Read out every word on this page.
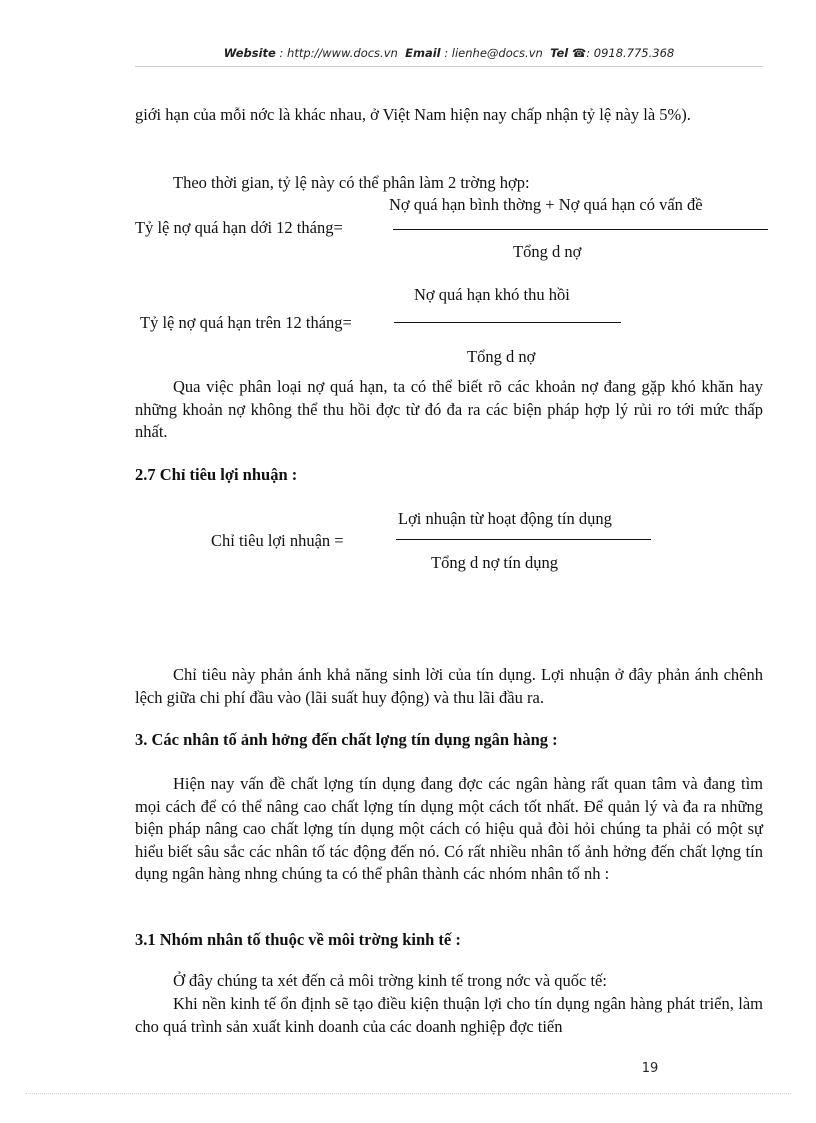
Website : http://www.docs.vn Email : lienhe@docs.vn Tel ☎: 0918.775.368
giới hạn của mỗi nớc là khác nhau, ở Việt Nam hiện nay chấp nhận tỷ lệ này là 5%).
Theo thời gian, tỷ lệ này có thể phân làm 2 trờng hợp:
Nợ quá hạn bình thờng + Nợ quá hạn có vấn đề
Tỷ lệ nợ quá hạn dới 12 tháng=
Tổng d nợ
Nợ quá hạn khó thu hồi
Tỷ lệ nợ quá hạn trên 12 tháng=
Tổng d nợ
Qua việc phân loại nợ quá hạn, ta có thể biết rõ các khoản nợ đang gặp khó khăn hay những khoản nợ không thể thu hồi đợc từ đó đa ra các biện pháp hợp lý rủi ro tới mức thấp nhất.
2.7 Chỉ tiêu lợi nhuận :
Lợi nhuận từ hoạt động tín dụng
Chỉ tiêu lợi nhuận =
Tổng d nợ tín dụng
Chỉ tiêu này phản ánh khả năng sinh lời của tín dụng. Lợi nhuận ở đây phản ánh chênh lệch giữa chi phí đầu vào (lãi suất huy động) và thu lãi đầu ra.
3. Các nhân tố ảnh hởng đến chất lợng tín dụng ngân hàng :
Hiện nay vấn đề chất lợng tín dụng đang đợc các ngân hàng rất quan tâm và đang tìm mọi cách để có thể nâng cao chất lợng tín dụng một cách tốt nhất. Để quản lý và đa ra những biện pháp nâng cao chất lợng tín dụng một cách có hiệu quả đòi hỏi chúng ta phải có một sự hiểu biết sâu sắc các nhân tố tác động đến nó. Có rất nhiều nhân tố ảnh hởng đến chất lợng tín dụng ngân hàng nhng chúng ta có thể phân thành các nhóm nhân tố nh :
3.1 Nhóm nhân tố thuộc về môi trờng kinh tế :
Ở đây chúng ta xét đến cả môi trờng kinh tế trong nớc và quốc tế:
Khi nền kinh tế ổn định sẽ tạo điều kiện thuận lợi cho tín dụng ngân hàng phát triển, làm cho quá trình sản xuất kinh doanh của các doanh nghiệp đợc tiến
19
